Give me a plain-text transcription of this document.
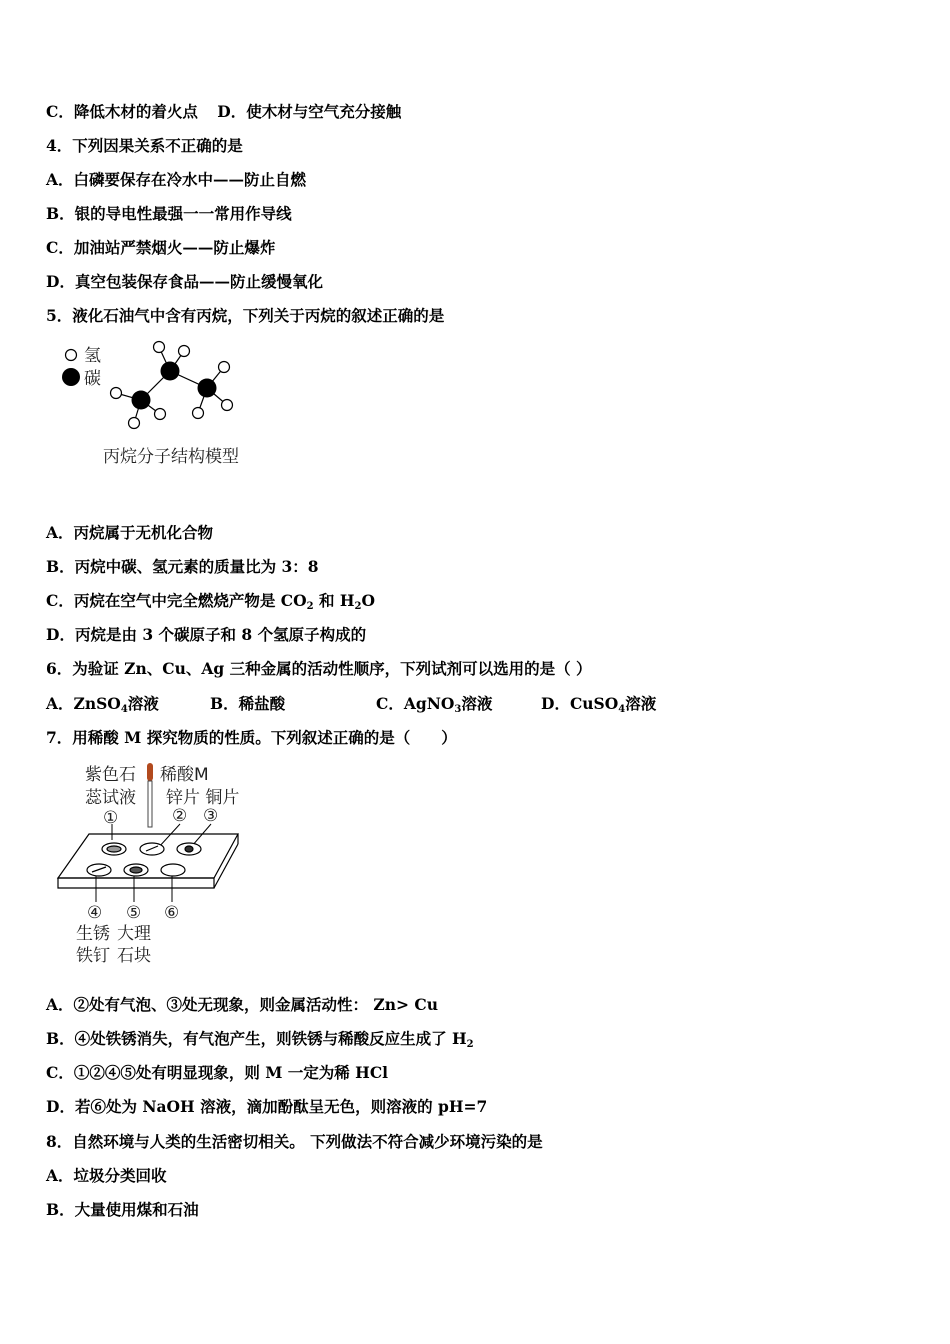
C．降低木材的着火点 D．使木材与空气充分接触
4．下列因果关系不正确的是
A．白磷要保存在冷水中——防止自燃
B．银的导电性最强一一常用作导线
C．加油站严禁烟火——防止爆炸
D．真空包装保存食品——防止缓慢氧化
5．液化石油气中含有丙烷，下列关于丙烷的叙述正确的是
氢
碳
丙烷分子结构模型
A．丙烷属于无机化合物
B．丙烷中碳、氢元素的质量比为 3：8
C．丙烷在空气中完全燃烧产物是 $CO_2$ 和 $H_2O$
D．丙烷是由 3 个碳原子和 8 个氢原子构成的
6．为验证 Zn、Cu、Ag 三种金属的活动性顺序，下列试剂可以选用的是（ ）
A．ZnSO$_4$溶液	B．稀盐酸	C．AgNO$_3$溶液	D．CuSO$_4$溶液
7．用稀酸 M 探究物质的性质。下列叙述正确的是（　　）
紫色石
蕊试液
稀酸M
锌片 铜片
①	② ③
④ ⑤ ⑥
生锈
铁钉
大理
石块
A．②处有气泡、③处无现象，则金属活动性： Zn> Cu
B．④处铁锈消失，有气泡产生，则铁锈与稀酸反应生成了 $H_2$
C．①②④⑤处有明显现象，则 M 一定为稀 HCl
D．若⑥处为 NaOH 溶液，滴加酚酞呈无色，则溶液的 pH=7
8．自然环境与人类的生活密切相关。 下列做法不符合减少环境污染的是
A．垃圾分类回收
B．大量使用煤和石油
